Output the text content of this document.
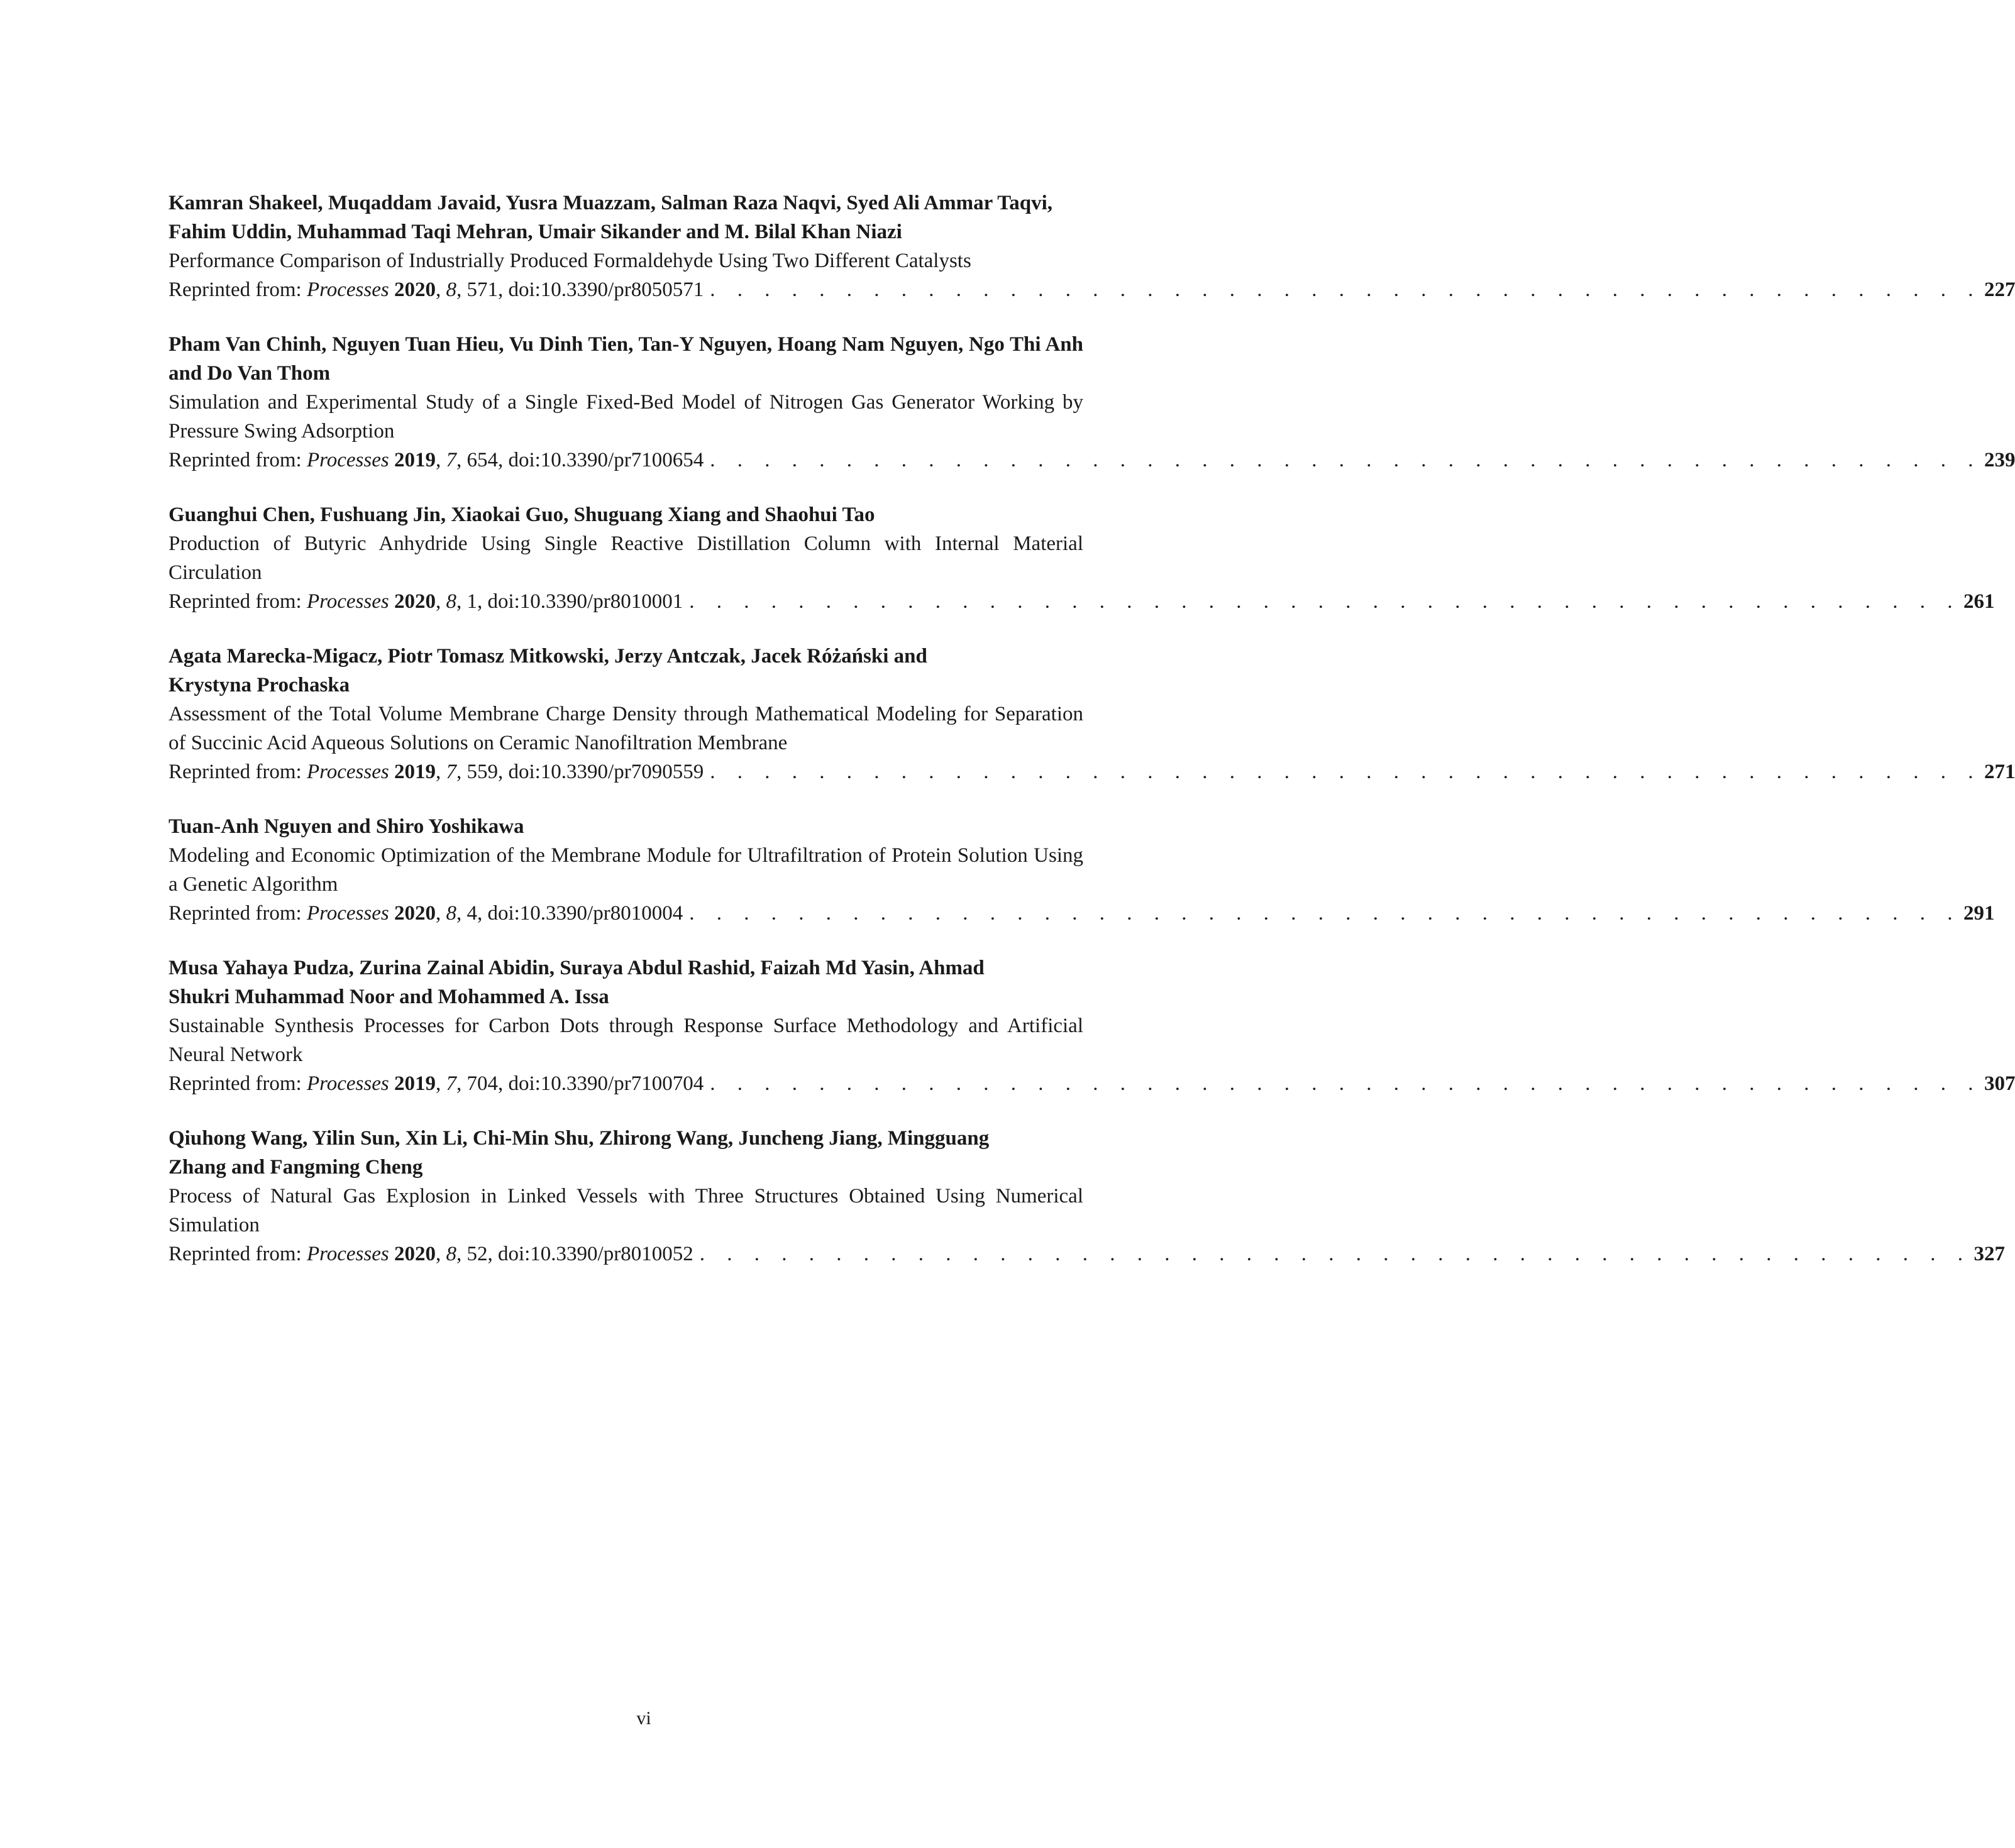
Kamran Shakeel, Muqaddam Javaid, Yusra Muazzam, Salman Raza Naqvi, Syed Ali Ammar Taqvi, Fahim Uddin, Muhammad Taqi Mehran, Umair Sikander and M. Bilal Khan Niazi
Performance Comparison of Industrially Produced Formaldehyde Using Two Different Catalysts
Reprinted from: Processes 2020, 8, 571, doi:10.3390/pr8050571 . . . . . . . . . . . . . . . . . . . . . . . . . . . . . . . . . . . . . . . . . . . . . . . 227
Pham Van Chinh, Nguyen Tuan Hieu, Vu Dinh Tien, Tan-Y Nguyen, Hoang Nam Nguyen, Ngo Thi Anh and Do Van Thom
Simulation and Experimental Study of a Single Fixed-Bed Model of Nitrogen Gas Generator Working by Pressure Swing Adsorption
Reprinted from: Processes 2019, 7, 654, doi:10.3390/pr7100654 . . . . . . . . . . . . . . . . . . . . . . . . . . . . . . . . . . . . . . . . . . . . . . . 239
Guanghui Chen, Fushuang Jin, Xiaokai Guo, Shuguang Xiang and Shaohui Tao
Production of Butyric Anhydride Using Single Reactive Distillation Column with Internal Material Circulation
Reprinted from: Processes 2020, 8, 1, doi:10.3390/pr8010001 . . . . . . . . . . . . . . . . . . . . . . . . . . . . . . . . . . . . . . . . . . . . . . . 261
Agata Marecka-Migacz, Piotr Tomasz Mitkowski, Jerzy Antczak, Jacek Różański and Krystyna Prochaska
Assessment of the Total Volume Membrane Charge Density through Mathematical Modeling for Separation of Succinic Acid Aqueous Solutions on Ceramic Nanofiltration Membrane
Reprinted from: Processes 2019, 7, 559, doi:10.3390/pr7090559 . . . . . . . . . . . . . . . . . . . . . . . . . . . . . . . . . . . . . . . . . . . . . . . 271
Tuan-Anh Nguyen and Shiro Yoshikawa
Modeling and Economic Optimization of the Membrane Module for Ultrafiltration of Protein Solution Using a Genetic Algorithm
Reprinted from: Processes 2020, 8, 4, doi:10.3390/pr8010004 . . . . . . . . . . . . . . . . . . . . . . . . . . . . . . . . . . . . . . . . . . . . . . . 291
Musa Yahaya Pudza, Zurina Zainal Abidin, Suraya Abdul Rashid, Faizah Md Yasin, Ahmad Shukri Muhammad Noor and Mohammed A. Issa
Sustainable Synthesis Processes for Carbon Dots through Response Surface Methodology and Artificial Neural Network
Reprinted from: Processes 2019, 7, 704, doi:10.3390/pr7100704 . . . . . . . . . . . . . . . . . . . . . . . . . . . . . . . . . . . . . . . . . . . . . . . 307
Qiuhong Wang, Yilin Sun, Xin Li, Chi-Min Shu, Zhirong Wang, Juncheng Jiang, Mingguang Zhang and Fangming Cheng
Process of Natural Gas Explosion in Linked Vessels with Three Structures Obtained Using Numerical Simulation
Reprinted from: Processes 2020, 8, 52, doi:10.3390/pr8010052 . . . . . . . . . . . . . . . . . . . . . . . . . . . . . . . . . . . . . . . . . . . . . . . 327
vi
